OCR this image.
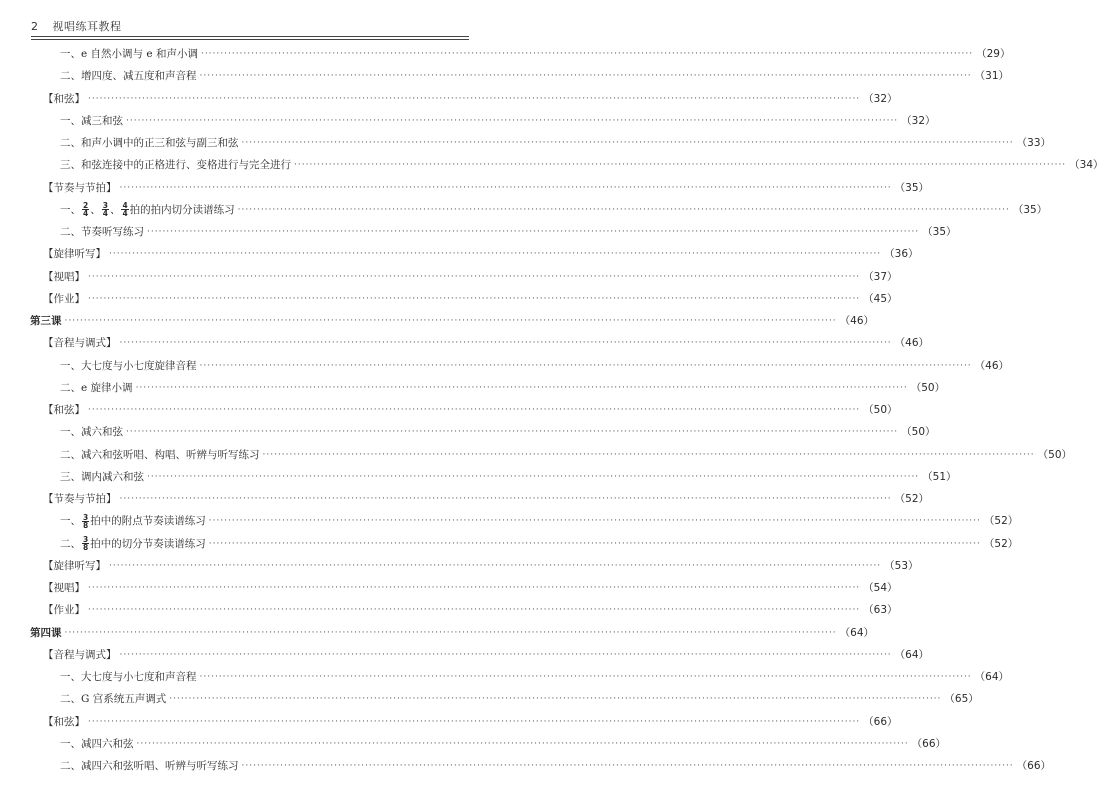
2 视唱练耳教程
一、e 自然小调与 e 和声小调 ········································································································································································································ （29）
二、增四度、减五度和声音程 ········································································································································································································ （31）
【和弦】 ········································································································································································································ （32）
一、减三和弦 ········································································································································································································ （32）
二、和声小调中的正三和弦与副三和弦 ········································································································································································································ （33）
三、和弦连接中的正格进行、变格进行与完全进行 ········································································································································································································ （34）
【节奏与节拍】 ········································································································································································································ （35）
一、 $\frac{2}{4}$ 、 $\frac{3}{4}$ 、 $\frac{4}{4}$ 拍的拍内切分读谱练习 ········································································································································································································ （35）
二、节奏听写练习 ········································································································································································································ （35）
【旋律听写】 ········································································································································································································ （36）
【视唱】 ········································································································································································································ （37）
【作业】 ········································································································································································································ （45）
第三课 ········································································································································································································ （46）
【音程与调式】 ········································································································································································································ （46）
一、大七度与小七度旋律音程 ········································································································································································································ （46）
二、e 旋律小调 ········································································································································································································ （50）
【和弦】 ········································································································································································································ （50）
一、减六和弦 ········································································································································································································ （50）
二、减六和弦听唱、构唱、听辨与听写练习 ········································································································································································································ （50）
三、调内减六和弦 ········································································································································································································ （51）
【节奏与节拍】 ········································································································································································································ （52）
一、 $\frac{3}{8}$ 拍中的附点节奏读谱练习 ········································································································································································································ （52）
二、 $\frac{3}{8}$ 拍中的切分节奏读谱练习 ········································································································································································································ （52）
【旋律听写】 ········································································································································································································ （53）
【视唱】 ········································································································································································································ （54）
【作业】 ········································································································································································································ （63）
第四课 ········································································································································································································ （64）
【音程与调式】 ········································································································································································································ （64）
一、大七度与小七度和声音程 ········································································································································································································ （64）
二、G 宫系统五声调式 ········································································································································································································ （65）
【和弦】 ········································································································································································································ （66）
一、减四六和弦 ········································································································································································································ （66）
二、减四六和弦听唱、听辨与听写练习 ········································································································································································································ （66）
